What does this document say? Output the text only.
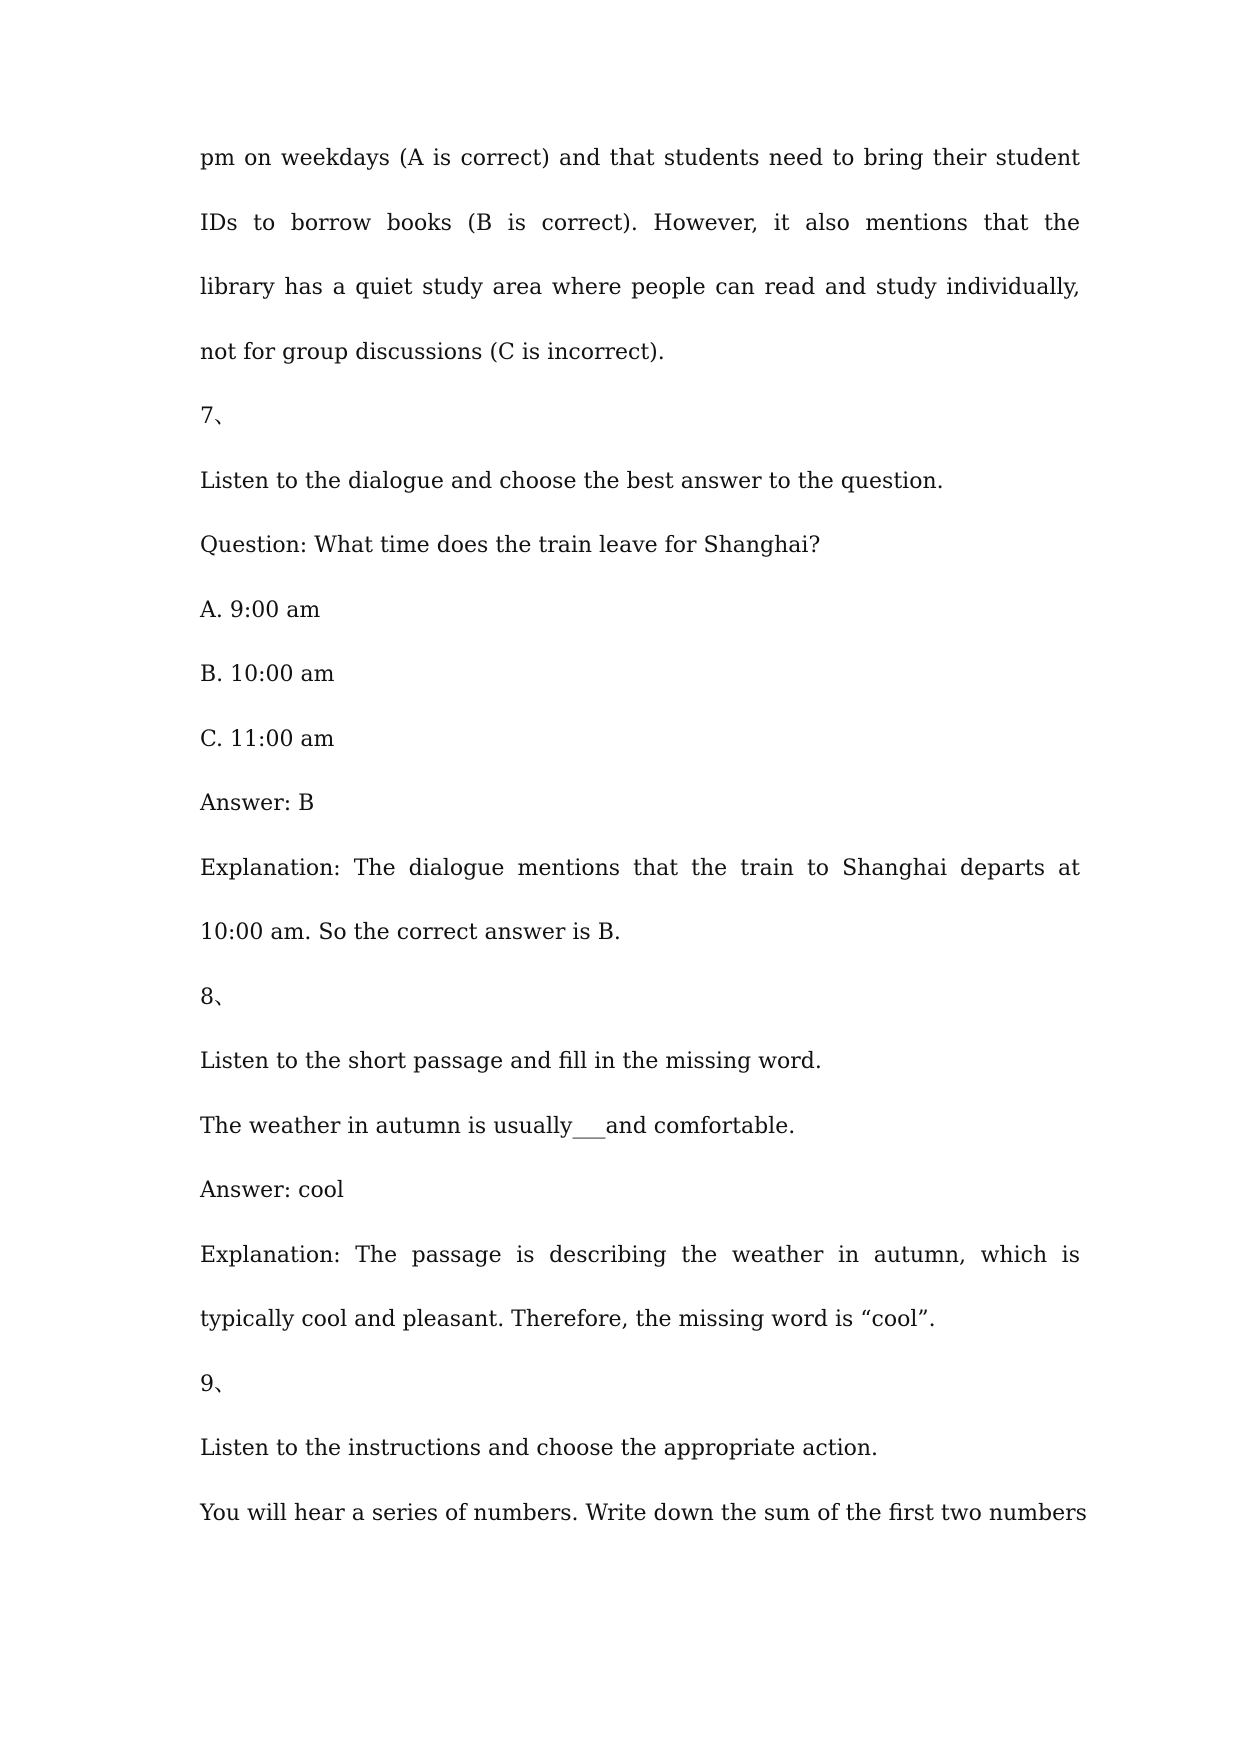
pm on weekdays (A is correct) and that students need to bring their student
IDs to borrow books (B is correct). However, it also mentions that the
library has a quiet study area where people can read and study individually,
not for group discussions (C is incorrect).
7、
Listen to the dialogue and choose the best answer to the question.
Question: What time does the train leave for Shanghai?
A. 9:00 am
B. 10:00 am
C. 11:00 am
Answer: B
Explanation: The dialogue mentions that the train to Shanghai departs at
10:00 am. So the correct answer is B.
8、
Listen to the short passage and fill in the missing word.
The weather in autumn is usually___and comfortable.
Answer: cool
Explanation: The passage is describing the weather in autumn, which is
typically cool and pleasant. Therefore, the missing word is “cool”.
9、
Listen to the instructions and choose the appropriate action.
You will hear a series of numbers. Write down the sum of the first two numbers
